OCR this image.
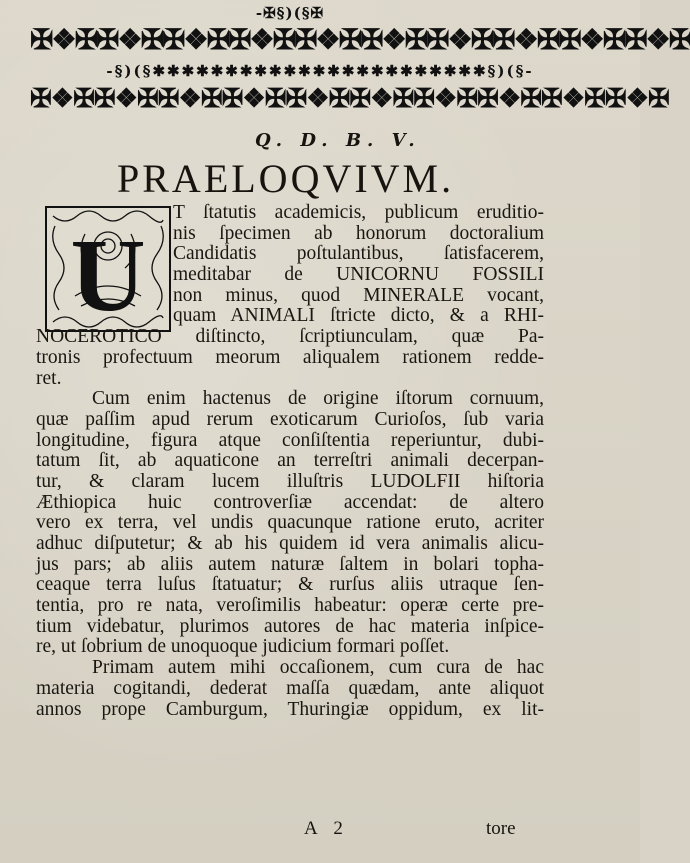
-✠§)(§✠
✠❖✠✠❖✠✠❖✠✠❖✠✠❖✠✠❖✠✠❖✠✠❖✠✠❖✠✠❖✠
-§)(§✱✱✱✱✱✱✱✱✱✱✱✱✱✱✱✱✱✱✱✱✱✱✱§)(§-
✠❖✠✠❖✠✠❖✠✠❖✠✠❖✠✠❖✠✠❖✠✠❖✠✠❖✠✠❖✠
Q. D. B. V.
PRAELOQVIVM.
U
T ſtatutis academicis, publicum eruditio-
nis ſpecimen ab honorum doctoralium
Candidatis poſtulantibus, ſatisfacerem,
meditabar de UNICORNU FOSSILI
non minus, quod MINERALE vocant,
quam ANIMALI ſtricte dicto, & a RHI-
NOCEROTICO diſtincto, ſcriptiunculam, quæ Pa-
tronis profectuum meorum aliqualem rationem redde-
ret.
Cum enim hactenus de origine iſtorum cornuum,
quæ paſſim apud rerum exoticarum Curioſos, ſub varia
longitudine, figura atque conſiſtentia reperiuntur, dubi-
tatum ſit, ab aquaticone an terreſtri animali decerpan-
tur, & claram lucem illuſtris LUDOLFII hiſtoria
Æthiopica huic controverſiæ accendat: de altero
vero ex terra, vel undis quacunque ratione eruto, acriter
adhuc diſputetur; & ab his quidem id vera animalis alicu-
jus pars; ab aliis autem naturæ ſaltem in bolari topha-
ceaque terra luſus ſtatuatur; & rurſus aliis utraque ſen-
tentia, pro re nata, veroſimilis habeatur: operæ certe pre-
tium videbatur, plurimos autores de hac materia inſpice-
re, ut ſobrium de unoquoque judicium formari poſſet.
Primam autem mihi occaſionem, cum cura de hac
materia cogitandi, dederat maſſa quædam, ante aliquot
annos prope Camburgum, Thuringiæ oppidum, ex lit-
A 2	tore
